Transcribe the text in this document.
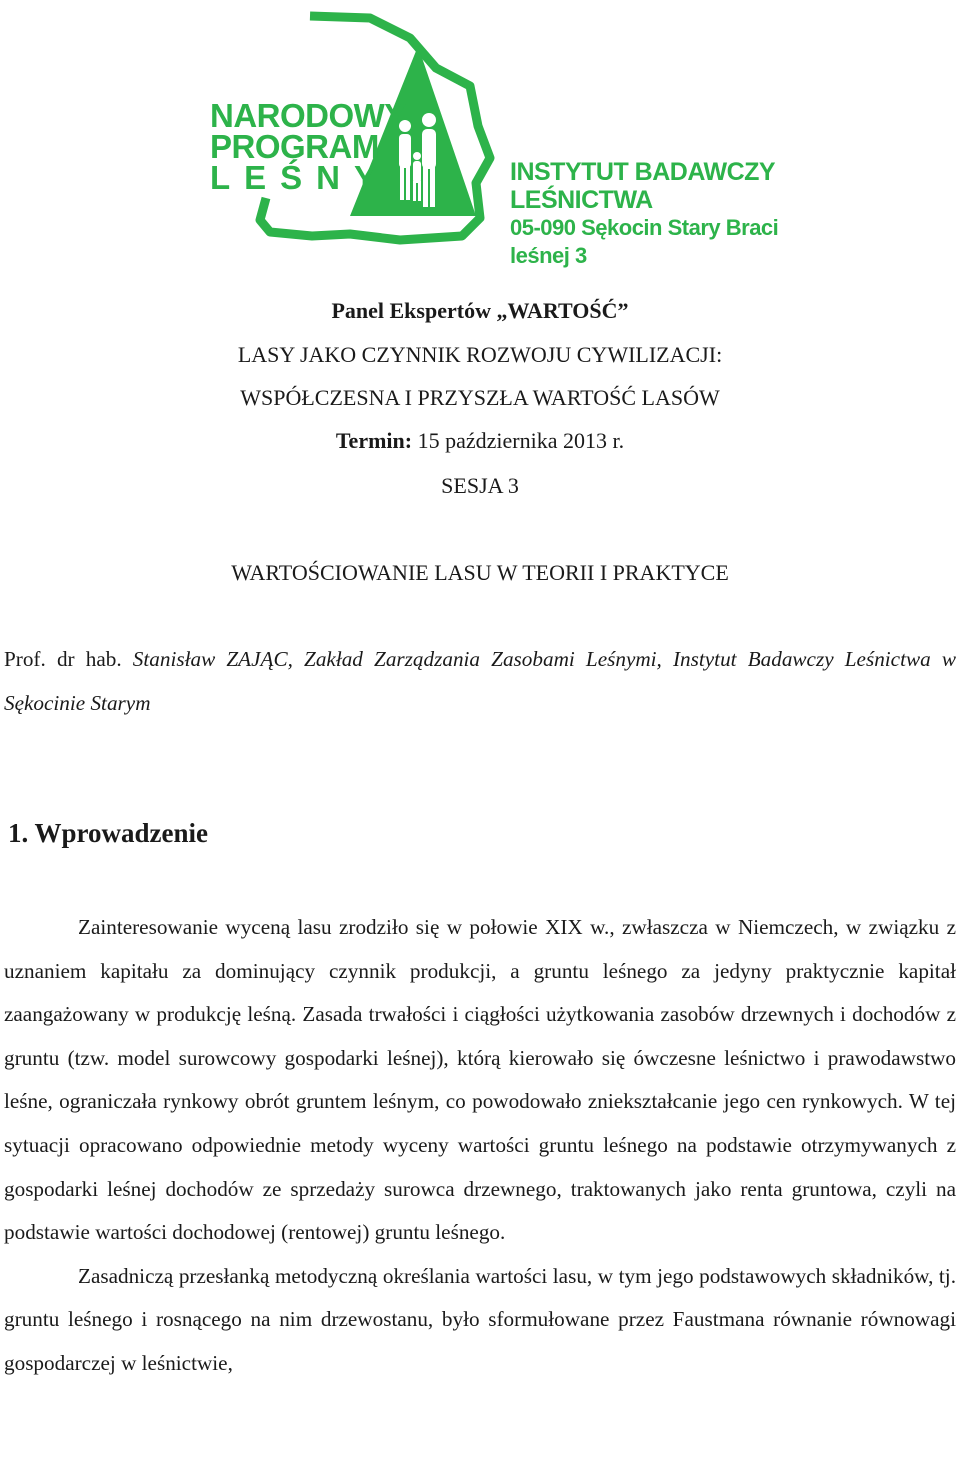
NARODOWY
PROGRAM
LEŚNY	INSTYTUT BADAWCZY LEŚNICTWA
05-090 Sękocin Stary Braci leśnej 3
Panel Ekspertów „WARTOŚĆ”
LASY JAKO CZYNNIK ROZWOJU CYWILIZACJI:
WSPÓŁCZESNA I PRZYSZŁA WARTOŚĆ LASÓW
Termin: 15 października 2013 r.
SESJA 3
WARTOŚCIOWANIE LASU W TEORII I PRAKTYCE
Prof. dr hab. Stanisław ZAJĄC, Zakład Zarządzania Zasobami Leśnymi, Instytut Badawczy Leśnictwa w Sękocinie Starym
1. Wprowadzenie

Zainteresowanie wyceną lasu zrodziło się w połowie XIX w., zwłaszcza w Niemczech, w związku z uznaniem kapitału za dominujący czynnik produkcji, a gruntu leśnego za jedyny praktycznie kapitał zaangażowany w produkcję leśną. Zasada trwałości i ciągłości użytkowania zasobów drzewnych i dochodów z gruntu (tzw. model surowcowy gospodarki leśnej), którą kierowało się ówczesne leśnictwo i prawodawstwo leśne, ograniczała rynkowy obrót gruntem leśnym, co powodowało zniekształcanie jego cen rynkowych. W tej sytuacji opracowano odpowiednie metody wyceny wartości gruntu leśnego na podstawie otrzymywanych z gospodarki leśnej dochodów ze sprzedaży surowca drzewnego, traktowanych jako renta gruntowa, czyli na podstawie wartości dochodowej (rentowej) gruntu leśnego.

Zasadniczą przesłanką metodyczną określania wartości lasu, w tym jego podstawowych składników, tj. gruntu leśnego i rosnącego na nim drzewostanu, było sformułowane przez Faustmana równanie równowagi gospodarczej w leśnictwie,
